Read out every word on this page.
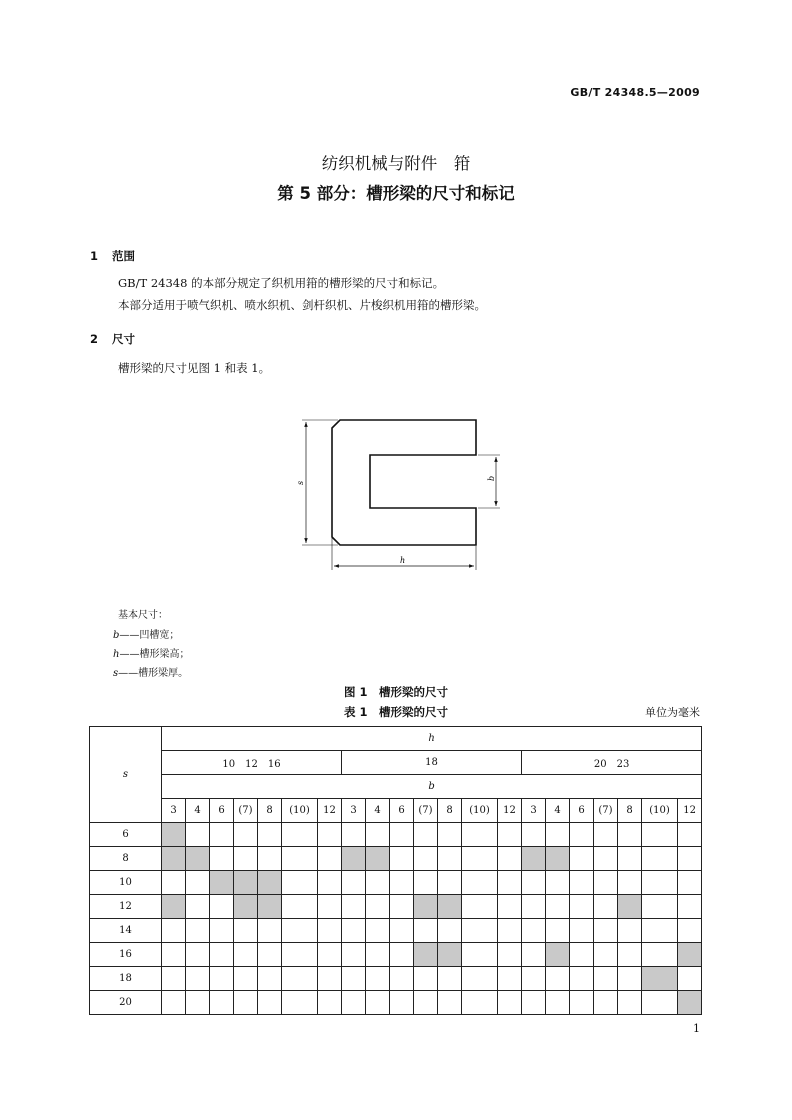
GB/T 24348.5—2009
纺织机械与附件　箝
第 5 部分：槽形梁的尺寸和标记
1 范围
GB/T 24348 的本部分规定了织机用箝的槽形梁的尺寸和标记。
本部分适用于喷气织机、喷水织机、剑杆织机、片梭织机用箝的槽形梁。
2 尺寸
槽形梁的尺寸见图 1 和表 1。
s
h
b
基本尺寸：
b——凹槽宽；
h——槽形梁高；
s——槽形梁厚。
图 1　槽形梁的尺寸
表 1　槽形梁的尺寸	单位为毫米
s	h																				
	10　12　16							18							20　23						
	b																				
	3	4	6	(7)	8	(10)	12	3	4	6	(7)	8	(10)	12	3	4	6	(7)	8	(10)	12
6																					
8																					
10																					
12																					
14																					
16																					
18																					
20																					
1
